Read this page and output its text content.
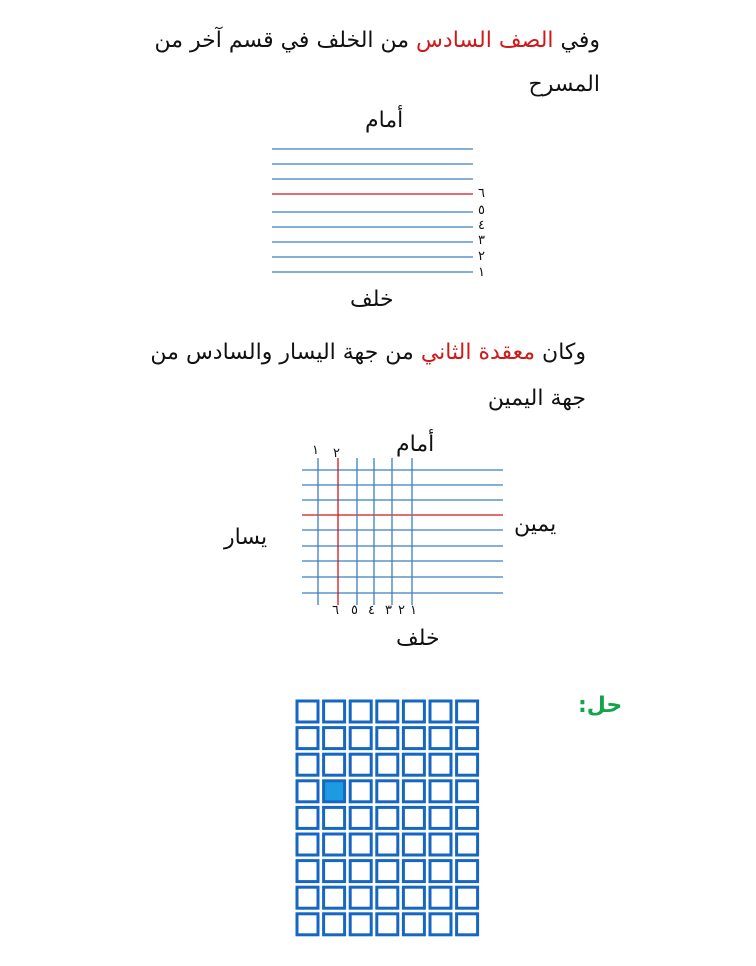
وفي الصف السادس من الخلف في قسم آخر من
المسرح
أمام
٦
٥
٤
٣
٢
١
خلف
وكان معقدة الثاني من جهة اليسار والسادس من
جهة اليمين
أمام
خلف
يسار
يمين
١ ٢
٦ ٥ ٤ ٣ ٢ ١
حل:
